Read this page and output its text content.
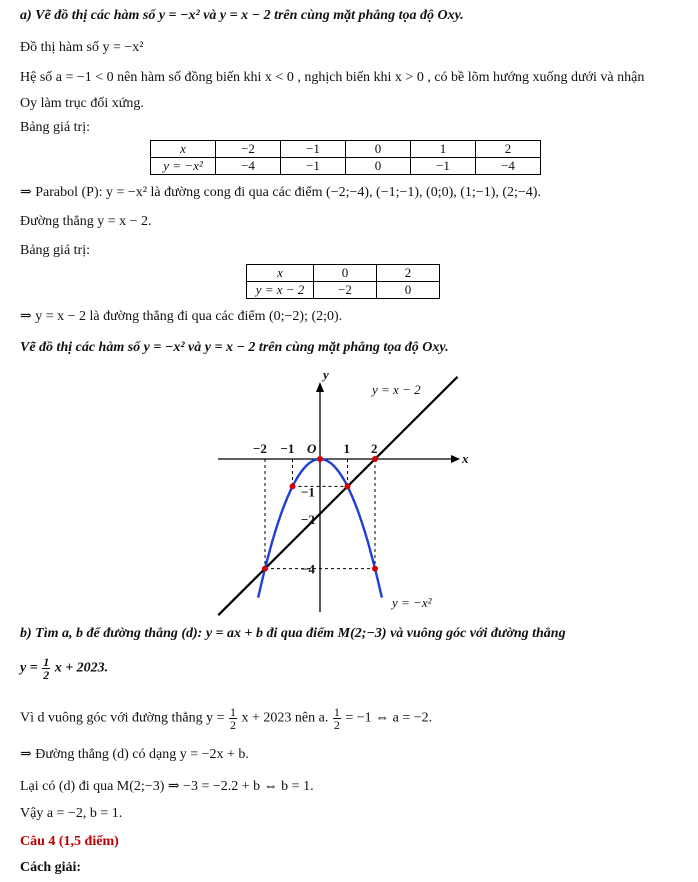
a) Vẽ đồ thị các hàm số y = −x² và y = x − 2 trên cùng mặt phẳng tọa độ Oxy.
Đồ thị hàm số y = −x²
Hệ số a = −1 < 0 nên hàm số đồng biến khi x < 0 , nghịch biến khi x > 0 , có bề lõm hướng xuống dưới và nhận
Oy làm trục đối xứng.
Bảng giá trị:
x	−2	−1	0	1	2
y = −x²	−4	−1	0	−1	−4
⇒ Parabol (P): y = −x² là đường cong đi qua các điểm (−2;−4), (−1;−1), (0;0), (1;−1), (2;−4).
Đường thẳng y = x − 2.
Bảng giá trị:
x	0	2
y = x − 2	−2	0
⇒ y = x − 2 là đường thẳng đi qua các điểm (0;−2); (2;0).
Vẽ đồ thị các hàm số y = −x² và y = x − 2 trên cùng mặt phẳng tọa độ Oxy.
y
x
O
−2 −1	1 2
−1
−2
−4
y = x − 2
y = −x²
b) Tìm a, b để đường thẳng (d): y = ax + b đi qua điểm M(2;−3) và vuông góc với đường thẳng
$y = \frac{1}{2}$ x + 2023.
Vì d vuông góc với đường thẳng $y = \frac{1}{2}$ x + 2023 nên a. $\frac{1}{2} = -1$ ⇔ a = −2.
⇒ Đường thẳng (d) có dạng y = −2x + b.
Lại có (d) đi qua M(2;−3) ⇒ −3 = −2.2 + b ⇔ b = 1.
Vậy a = −2, b = 1.
Câu 4 (1,5 điểm)
Cách giải:
